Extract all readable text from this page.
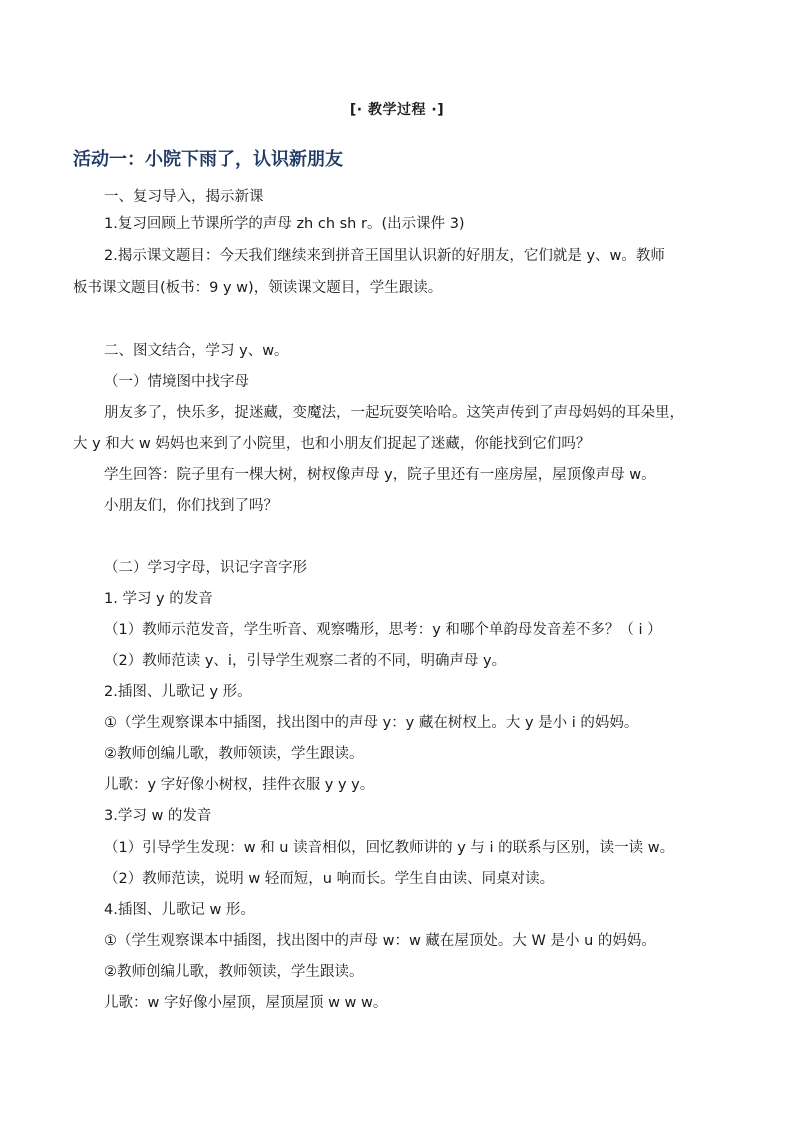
[· 教学过程 ·]
活动一：小院下雨了，认识新朋友
一、复习导入，揭示新课
1.复习回顾上节课所学的声母 zh ch sh r。(出示课件 3)
2.揭示课文题目：今天我们继续来到拼音王国里认识新的好朋友，它们就是 y、w。教师
板书课文题目(板书：9 y w)，领读课文题目，学生跟读。
二、图文结合，学习 y、w。
（一）情境图中找字母
朋友多了，快乐多，捉迷藏，变魔法，一起玩耍笑哈哈。这笑声传到了声母妈妈的耳朵里，
大 y 和大 w 妈妈也来到了小院里，也和小朋友们捉起了迷藏，你能找到它们吗？
学生回答：院子里有一棵大树，树杈像声母 y，院子里还有一座房屋，屋顶像声母 w。
小朋友们，你们找到了吗？
（二）学习字母，识记字音字形
1. 学习 y 的发音
（1）教师示范发音，学生听音、观察嘴形，思考：y 和哪个单韵母发音差不多？（ i ）
（2）教师范读 y、i，引导学生观察二者的不同，明确声母 y。
2.插图、儿歌记 y 形。
①（学生观察课本中插图，找出图中的声母 y：y 藏在树杈上。大 y 是小 i 的妈妈。
②教师创编儿歌，教师领读，学生跟读。
儿歌：y 字好像小树杈，挂件衣服 y y y。
3.学习 w 的发音
（1）引导学生发现：w 和 u 读音相似，回忆教师讲的 y 与 i 的联系与区别，读一读 w。
（2）教师范读，说明 w 轻而短，u 响而长。学生自由读、同桌对读。
4.插图、儿歌记 w 形。
①（学生观察课本中插图，找出图中的声母 w：w 藏在屋顶处。大 W 是小 u 的妈妈。
②教师创编儿歌，教师领读，学生跟读。
儿歌：w 字好像小屋顶，屋顶屋顶 w w w。
